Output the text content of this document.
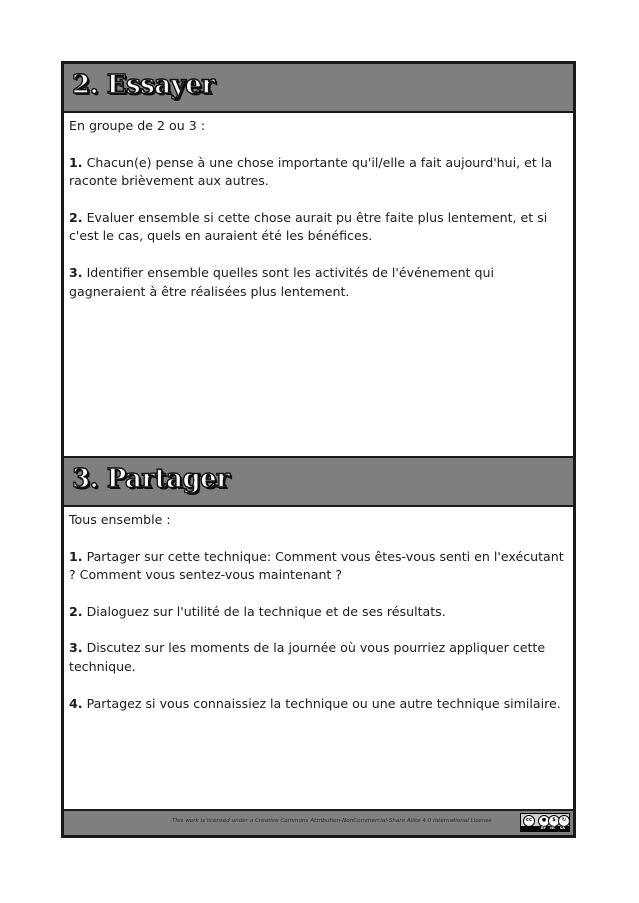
2. Essayer

En groupe de 2 ou 3 :

1. Chacun(e) pense à une chose importante qu'il/elle a fait aujourd'hui, et la raconte brièvement aux autres.

2. Evaluer ensemble si cette chose aurait pu être faite plus lentement, et si c'est le cas, quels en auraient été les bénéfices.

3. Identifier ensemble quelles sont les activités de l'événement qui gagneraient à être réalisées plus lentement.

3. Partager

Tous ensemble :

1. Partager sur cette technique: Comment vous êtes-vous senti en l'exécutant ? Comment vous sentez-vous maintenant ?

2. Dialoguez sur l'utilité de la technique et de ses résultats.

3. Discutez sur les moments de la journée où vous pourriez appliquer cette technique.

4. Partagez si vous connaissiez la technique ou une autre technique similaire.

This work is licensed under a Creative Commons Attribution-NonCommercial-Share Alike 4.0 International License	cc	●	$	↻
BY NC SA
